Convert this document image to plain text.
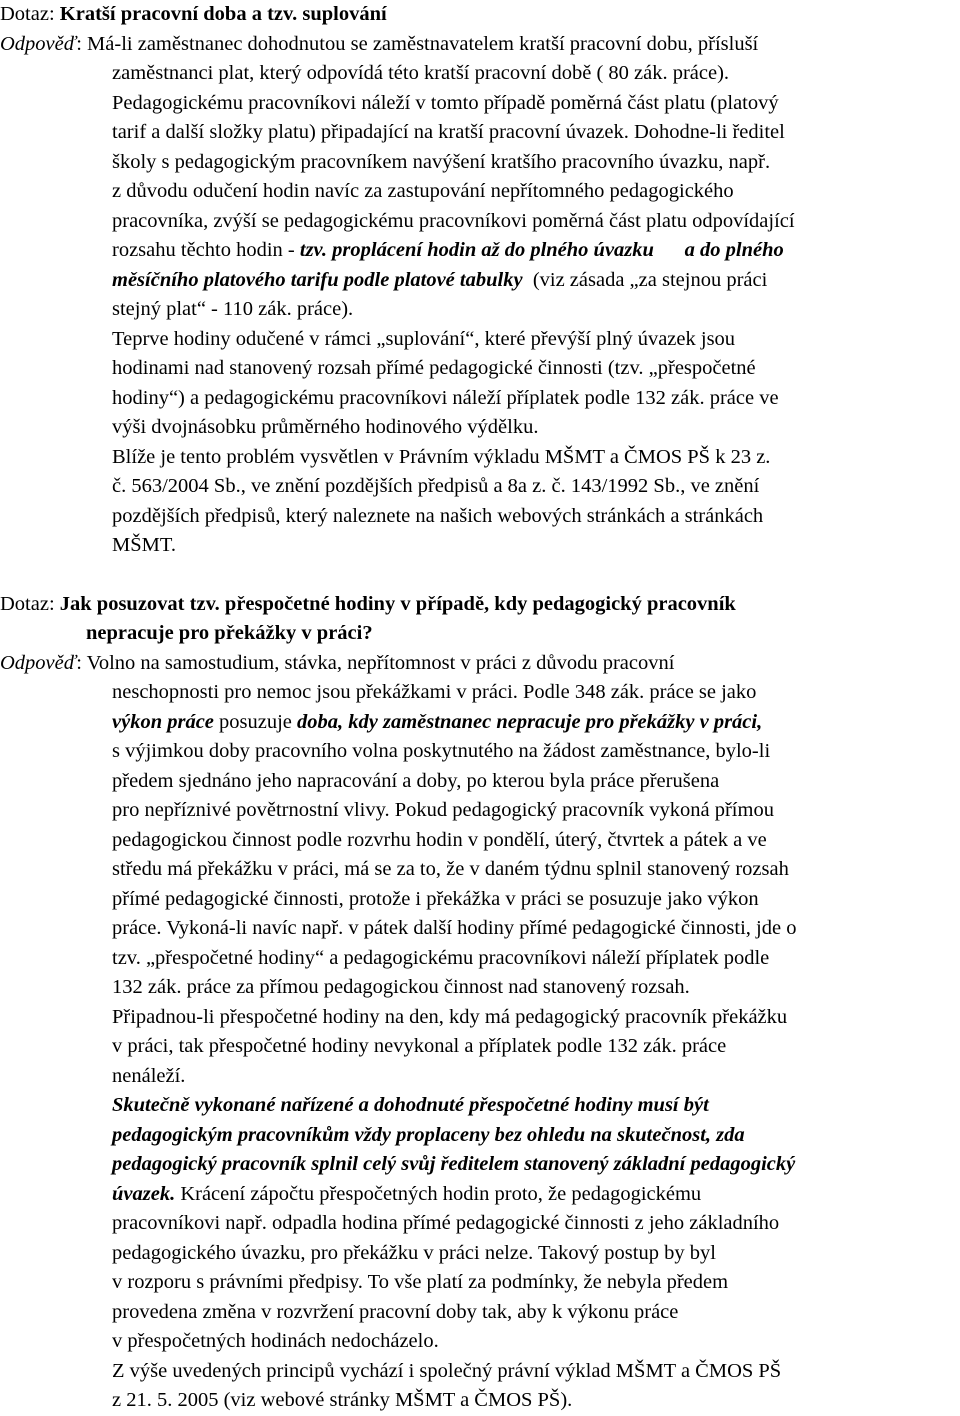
Dotaz: Kratší pracovní doba a tzv. suplování
Odpověď: Má-li zaměstnanec dohodnutou se zaměstnavatelem kratší pracovní dobu, přísluší
zaměstnanci plat, který odpovídá této kratší pracovní době ( 80 zák. práce).
Pedagogickému pracovníkovi náleží v tomto případě poměrná část platu (platový
tarif a další složky platu) připadající na kratší pracovní úvazek. Dohodne-li ředitel
školy s pedagogickým pracovníkem navýšení kratšího pracovního úvazku, např.
z důvodu odučení hodin navíc za zastupování nepřítomného pedagogického
pracovníka, zvýší se pedagogickému pracovníkovi poměrná část platu odpovídající
rozsahu těchto hodin - tzv. proplácení hodin až do plného úvazku      a do plného
měsíčního platového tarifu podle platové tabulky  (viz zásada „za stejnou práci
stejný plat“ - 110 zák. práce).
Teprve hodiny odučené v rámci „suplování“, které převýší plný úvazek jsou
hodinami nad stanovený rozsah přímé pedagogické činnosti (tzv. „přespočetné
hodiny“) a pedagogickému pracovníkovi náleží příplatek podle 132 zák. práce ve
výši dvojnásobku průměrného hodinového výdělku.
Blíže je tento problém vysvětlen v Právním výkladu MŠMT a ČMOS PŠ k 23 z.
č. 563/2004 Sb., ve znění pozdějších předpisů a 8a z. č. 143/1992 Sb., ve znění
pozdějších předpisů, který naleznete na našich webových stránkách a stránkách
MŠMT.
Dotaz: Jak posuzovat tzv. přespočetné hodiny v případě, kdy pedagogický pracovník
nepracuje pro překážky v práci?
Odpověď: Volno na samostudium, stávka, nepřítomnost v práci z důvodu pracovní
neschopnosti pro nemoc jsou překážkami v práci. Podle 348 zák. práce se jako
výkon práce posuzuje doba, kdy zaměstnanec nepracuje pro překážky v práci,
s výjimkou doby pracovního volna poskytnutého na žádost zaměstnance, bylo-li
předem sjednáno jeho napracování a doby, po kterou byla práce přerušena
pro nepříznivé povětrnostní vlivy. Pokud pedagogický pracovník vykoná přímou
pedagogickou činnost podle rozvrhu hodin v pondělí, úterý, čtvrtek a pátek a ve
středu má překážku v práci, má se za to, že v daném týdnu splnil stanovený rozsah
přímé pedagogické činnosti, protože i překážka v práci se posuzuje jako výkon
práce. Vykoná-li navíc např. v pátek další hodiny přímé pedagogické činnosti, jde o
tzv. „přespočetné hodiny“ a pedagogickému pracovníkovi náleží příplatek podle
132 zák. práce za přímou pedagogickou činnost nad stanovený rozsah.
Připadnou-li přespočetné hodiny na den, kdy má pedagogický pracovník překážku
v práci, tak přespočetné hodiny nevykonal a příplatek podle 132 zák. práce
nenáleží.
Skutečně vykonané nařízené a dohodnuté přespočetné hodiny musí být
pedagogickým pracovníkům vždy proplaceny bez ohledu na skutečnost, zda
pedagogický pracovník splnil celý svůj ředitelem stanovený základní pedagogický
úvazek. Krácení zápočtu přespočetných hodin proto, že pedagogickému
pracovníkovi např. odpadla hodina přímé pedagogické činnosti z jeho základního
pedagogického úvazku, pro překážku v práci nelze. Takový postup by byl
v rozporu s právními předpisy. To vše platí za podmínky, že nebyla předem
provedena změna v rozvržení pracovní doby tak, aby k výkonu práce
v přespočetných hodinách nedocházelo.
Z výše uvedených principů vychází i společný právní výklad MŠMT a ČMOS PŠ
z 21. 5. 2005 (viz webové stránky MŠMT a ČMOS PŠ).
